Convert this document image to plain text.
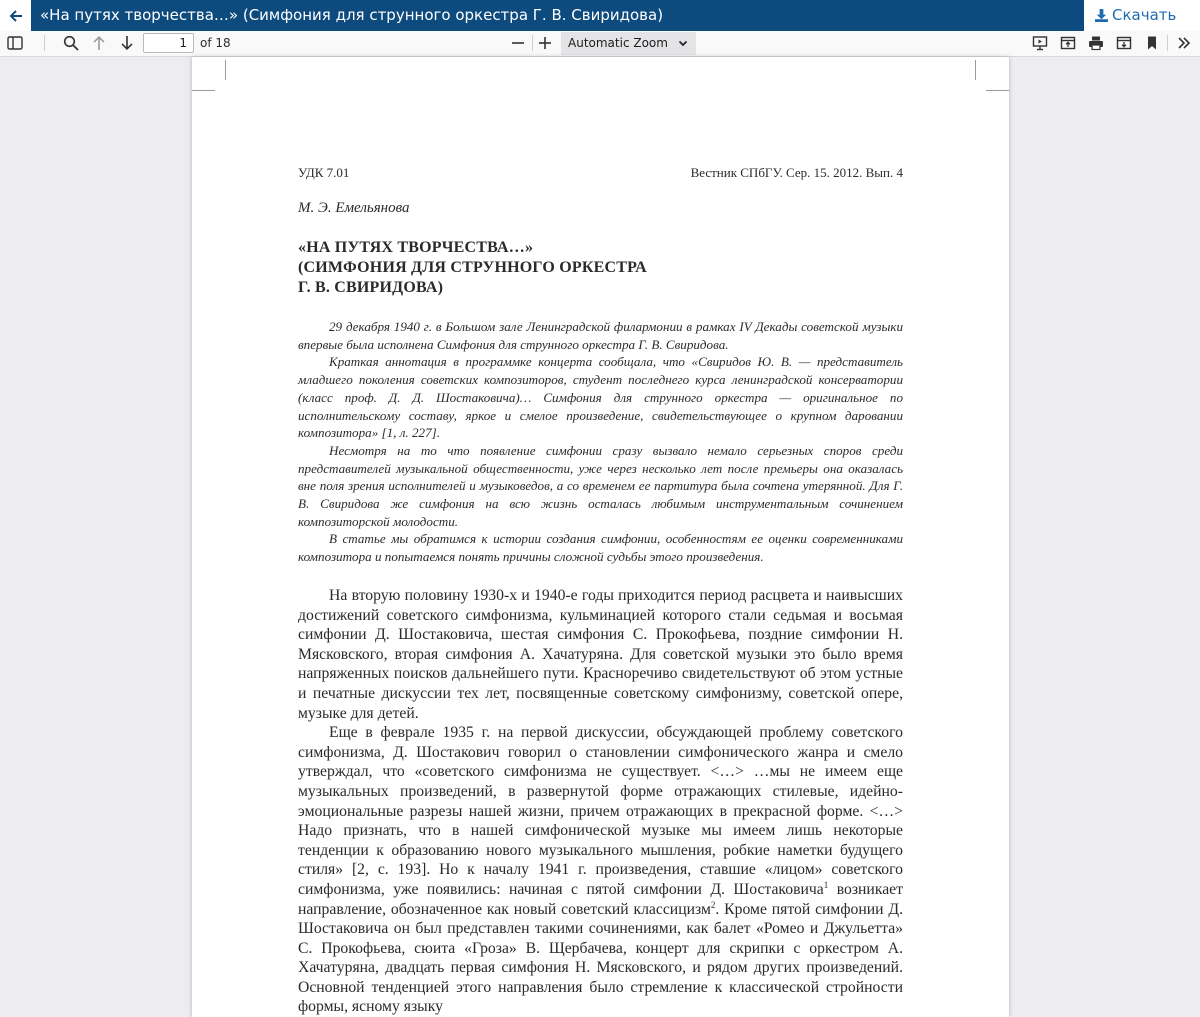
«На путях творчества…» (Симфония для струнного оркестра Г. В. Свиридова)	Скачать
1
of 18	Automatic Zoom
УДК 7.01	Вестник СПбГУ. Сер. 15. 2012. Вып. 4
М. Э. Емельянова
«НА ПУТЯХ ТВОРЧЕСТВА…»
(СИМФОНИЯ ДЛЯ СТРУННОГО ОРКЕСТРА
Г. В. СВИРИДОВА)

29 декабря 1940 г. в Большом зале Ленинградской филармонии в рамках IV Декады советской музыки впервые была исполнена Симфония для струнного оркестра Г. В. Свиридова.

Краткая аннотация в программке концерта сообщала, что «Свиридов Ю. В. — представитель младшего поколения советских композиторов, студент последнего курса ленинградской консерватории (класс проф. Д. Д. Шостаковича)… Симфония для струнного оркестра — оригинальное по исполнительскому составу, яркое и смелое произведение, свидетельствующее о крупном даровании композитора» [1, л. 227].

Несмотря на то что появление симфонии сразу вызвало немало серьезных споров среди представителей музыкальной общественности, уже через несколько лет после премьеры она оказалась вне поля зрения исполнителей и музыковедов, а со временем ее партитура была сочтена утерянной. Для Г. В. Свиридова же симфония на всю жизнь осталась любимым инструментальным сочинением композиторской молодости.

В статье мы обратимся к истории создания симфонии, особенностям ее оценки современниками композитора и попытаемся понять причины сложной судьбы этого произведения.

На вторую половину 1930-х и 1940-е годы приходится период расцвета и наивысших достижений советского симфонизма, кульминацией которого стали седьмая и восьмая симфонии Д. Шостаковича, шестая симфония С. Прокофьева, поздние симфонии Н. Мясковского, вторая симфония А. Хачатуряна. Для советской музыки это было время напряженных поисков дальнейшего пути. Красноречиво свидетельствуют об этом устные и печатные дискуссии тех лет, посвященные советскому симфонизму, советской опере, музыке для детей.

Еще в феврале 1935 г. на первой дискуссии, обсуждающей проблему советского симфонизма, Д. Шостакович говорил о становлении симфонического жанра и смело утверждал, что «советского симфонизма не существует. <…> …мы не имеем еще музыкальных произведений, в развернутой форме отражающих стилевые, идейно-эмоциональные разрезы нашей жизни, причем отражающих в прекрасной форме. <…> Надо признать, что в нашей симфонической музыке мы имеем лишь некоторые тенденции к образованию нового музыкального мышления, робкие наметки будущего стиля» [2, с. 193]. Но к началу 1941 г. произведения, ставшие «лицом» советского симфонизма, уже появились: начиная с пятой симфонии Д. Шостаковича$^1$ возникает направление, обозначенное как новый советский классицизм$^2$. Кроме пятой симфонии Д. Шостаковича он был представлен такими сочинениями, как балет «Ромео и Джульетта» С. Прокофьева, сюита «Гроза» В. Щербачева, концерт для скрипки с оркестром А. Хачатуряна, двадцать первая симфония Н. Мясковского, и рядом других произведений. Основной тенденцией этого направления было стремление к классической стройности формы, ясному языку
